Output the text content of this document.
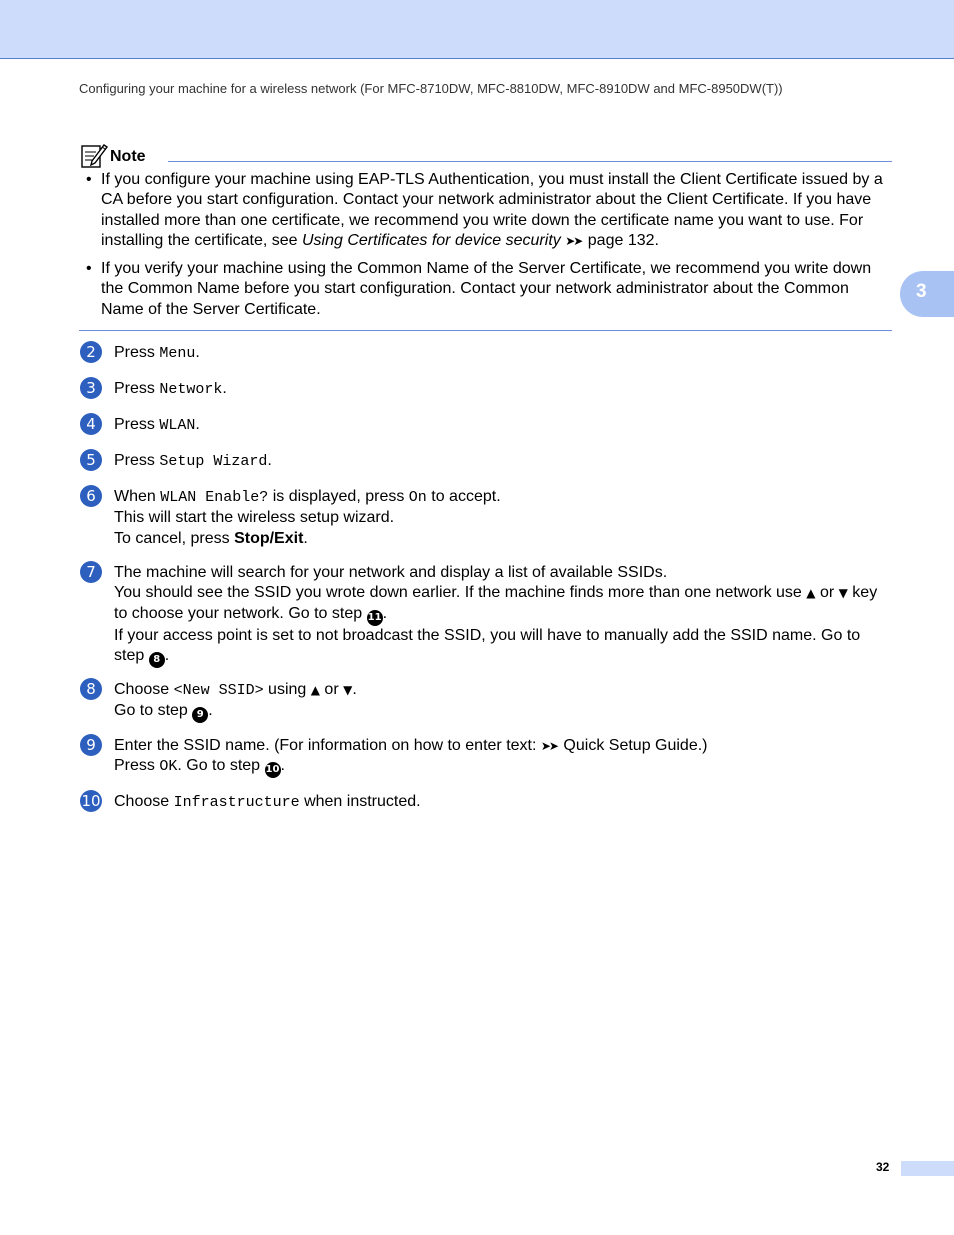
Configuring your machine for a wireless network (For MFC-8710DW, MFC-8810DW, MFC-8910DW and MFC-8950DW(T))
3
Note
• If you configure your machine using EAP-TLS Authentication, you must install the Client Certificate issued by a CA before you start configuration. Contact your network administrator about the Client Certificate. If you have installed more than one certificate, we recommend you write down the certificate name you want to use. For installing the certificate, see Using Certificates for device security ➤➤ page 132.
• If you verify your machine using the Common Name of the Server Certificate, we recommend you write down the Common Name before you start configuration. Contact your network administrator about the Common Name of the Server Certificate.
2	Press Menu.
3	Press Network.
4	Press WLAN.
5	Press Setup Wizard.
6	When WLAN Enable? is displayed, press On to accept.
This will start the wireless setup wizard.
To cancel, press Stop/Exit.
7	The machine will search for your network and display a list of available SSIDs.
You should see the SSID you wrote down earlier. If the machine finds more than one network use ▲ or ▼ key to choose your network. Go to step 11.
If your access point is set to not broadcast the SSID, you will have to manually add the SSID name. Go to step 8 .
8	Choose <New SSID> using ▲ or ▼.
Go to step 9 .
9	Enter the SSID name. (For information on how to enter text: ➤➤ Quick Setup Guide.)
Press OK. Go to step 10.
10 Choose Infrastructure when instructed.
32
